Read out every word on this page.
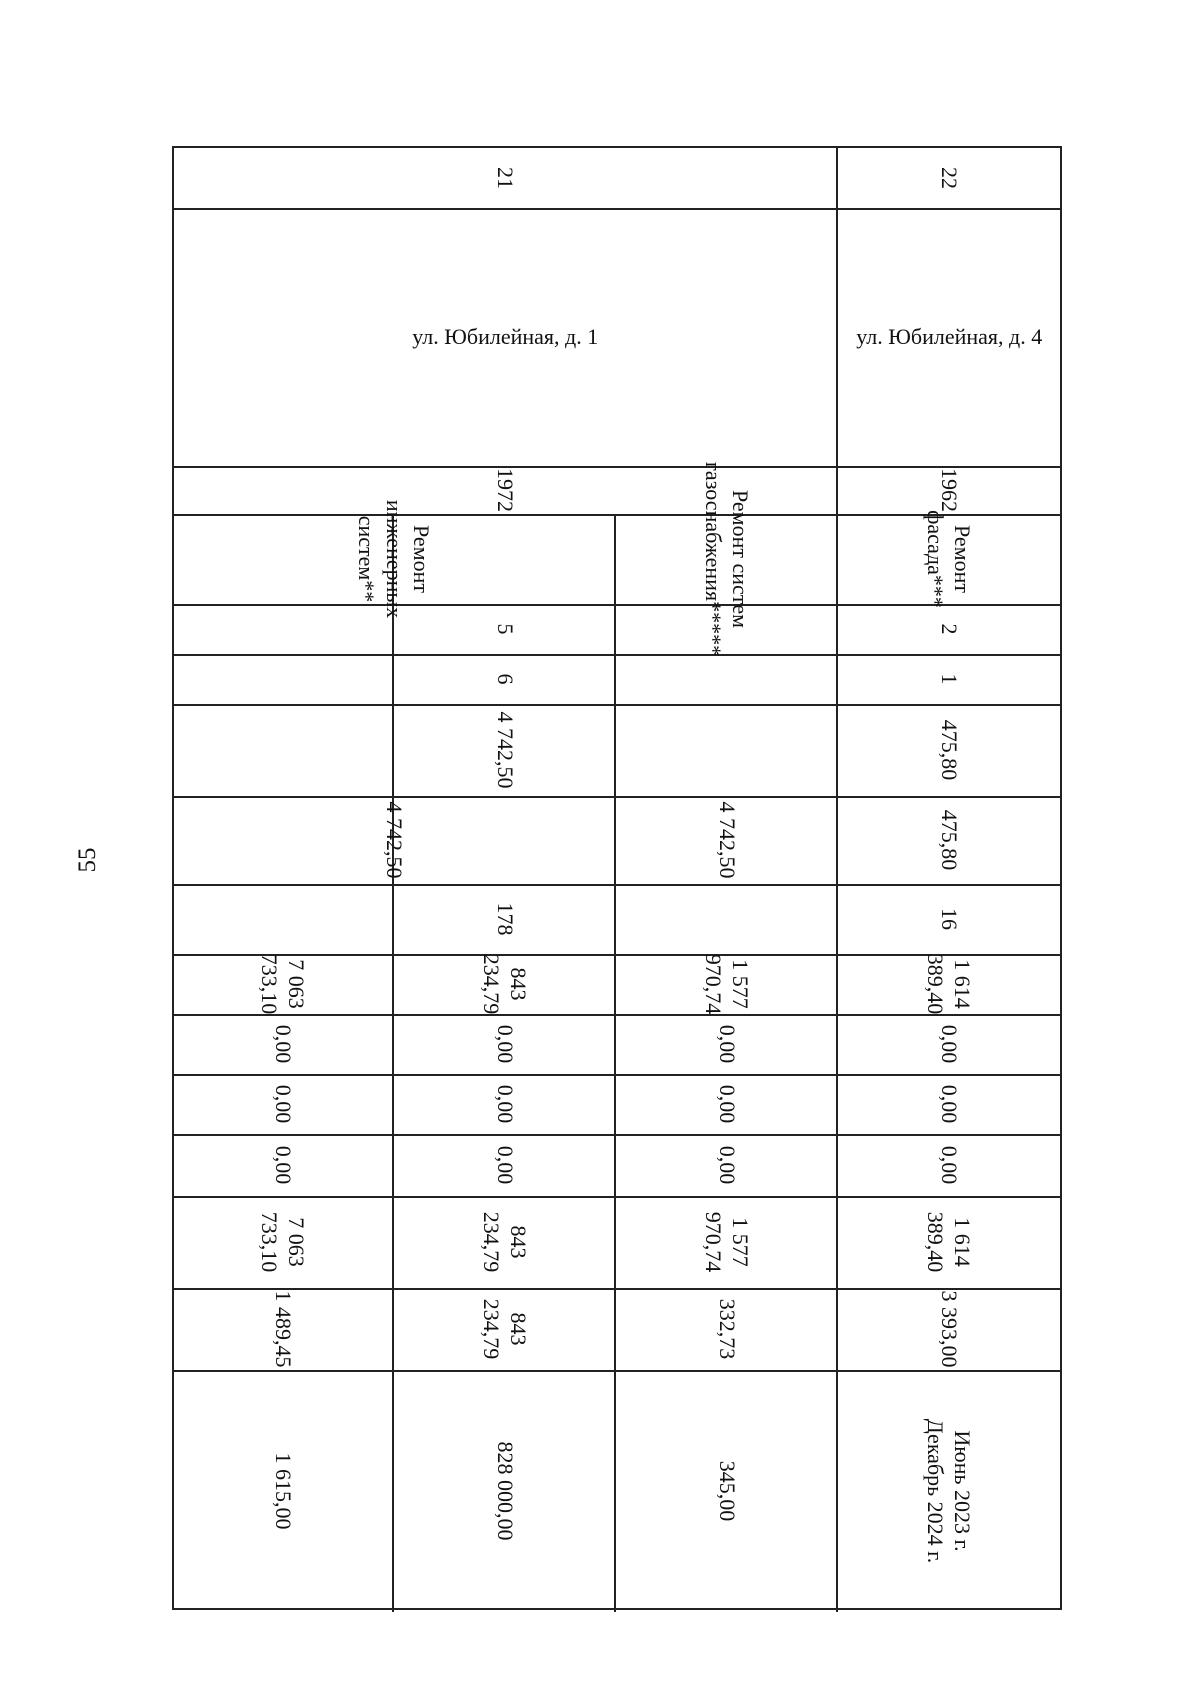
55
22
ул. Юбилейная, д. 4
1962
Ремонт фасада***
2
1
475,80
475,80
16
1 614 389,40
0,00
0,00
0,00
1 614 389,40
3 393,00
Июнь 2023 г.
Декабрь 2024 г.
21
ул. Юбилейная, д. 1
1972	Ремонт систем газоснабжения*****
Ремонт инженерных систем**
5
6
4 742,50
4 742,50
4 742,50
178
1 577 970,74
843 234,79
7 063 733,10
0,00
0,00
0,00
0,00
0,00
0,00
0,00
0,00
0,00
1 577 970,74
843 234,79
7 063 733,10
332,73
843 234,79
1 489,45
345,00
828 000,00
1 615,00
